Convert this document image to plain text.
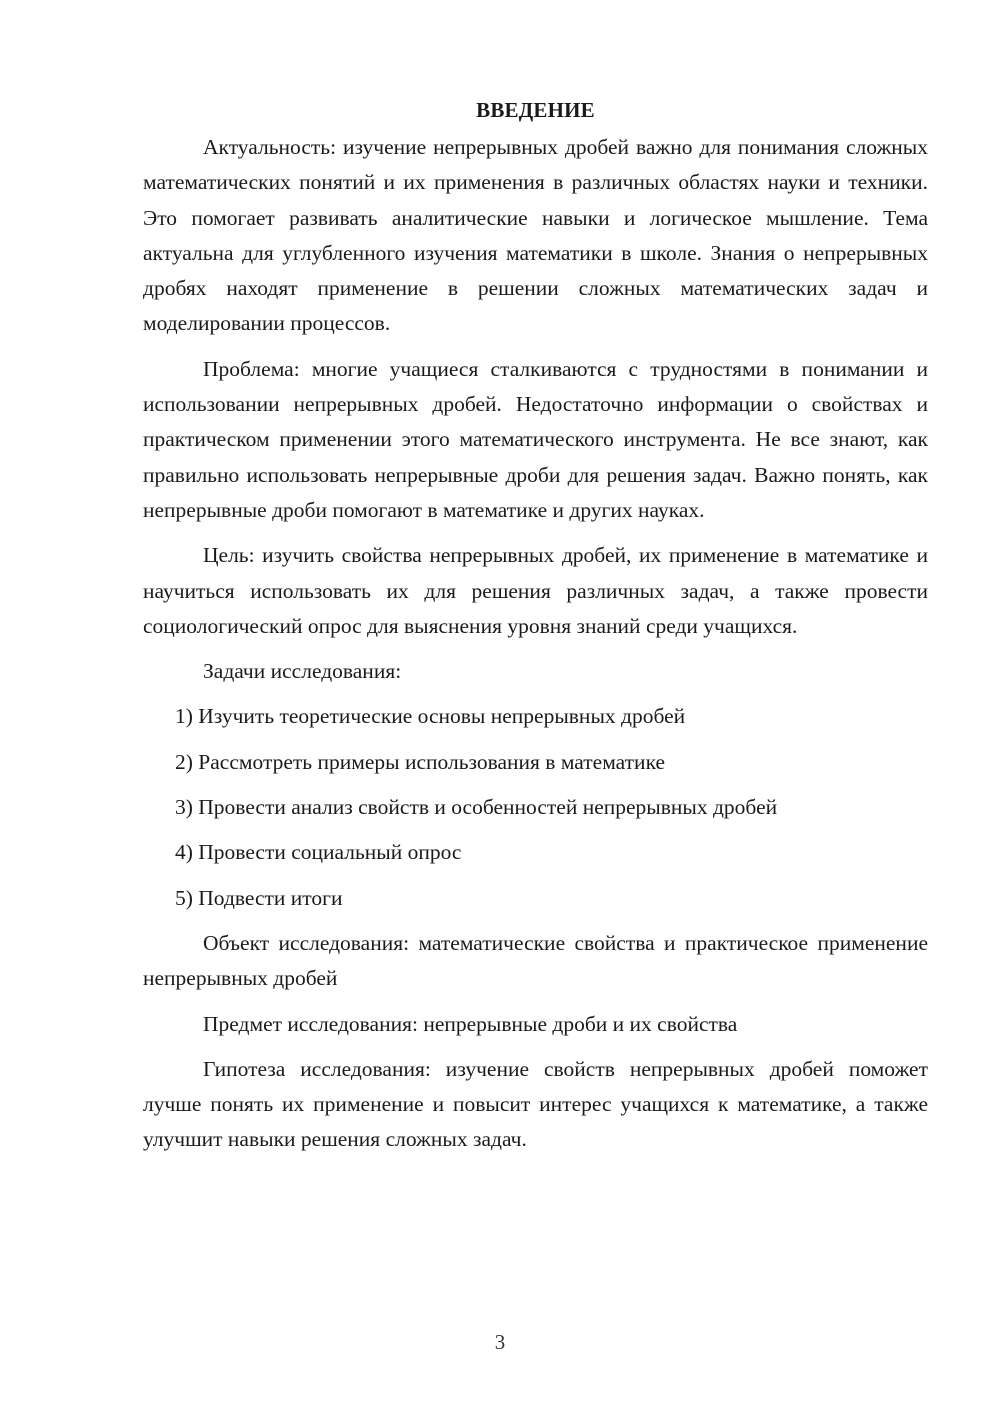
ВВЕДЕНИЕ

Актуальность: изучение непрерывных дробей важно для понимания сложных математических понятий и их применения в различных областях науки и техники. Это помогает развивать аналитические навыки и логическое мышление. Тема актуальна для углубленного изучения математики в школе. Знания о непрерывных дробях находят применение в решении сложных математических задач и моделировании процессов.

Проблема: многие учащиеся сталкиваются с трудностями в понимании и использовании непрерывных дробей. Недостаточно информации о свойствах и практическом применении этого математического инструмента. Не все знают, как правильно использовать непрерывные дроби для решения задач. Важно понять, как непрерывные дроби помогают в математике и других науках.

Цель: изучить свойства непрерывных дробей, их применение в математике и научиться использовать их для решения различных задач, а также провести социологический опрос для выяснения уровня знаний среди учащихся.

Задачи исследования:

1) Изучить теоретические основы непрерывных дробей
2) Рассмотреть примеры использования в математике
3) Провести анализ свойств и особенностей непрерывных дробей
4) Провести социальный опрос
5) Подвести итоги

Объект исследования: математические свойства и практическое применение непрерывных дробей

Предмет исследования: непрерывные дроби и их свойства

Гипотеза исследования: изучение свойств непрерывных дробей поможет лучше понять их применение и повысит интерес учащихся к математике, а также улучшит навыки решения сложных задач.

3
